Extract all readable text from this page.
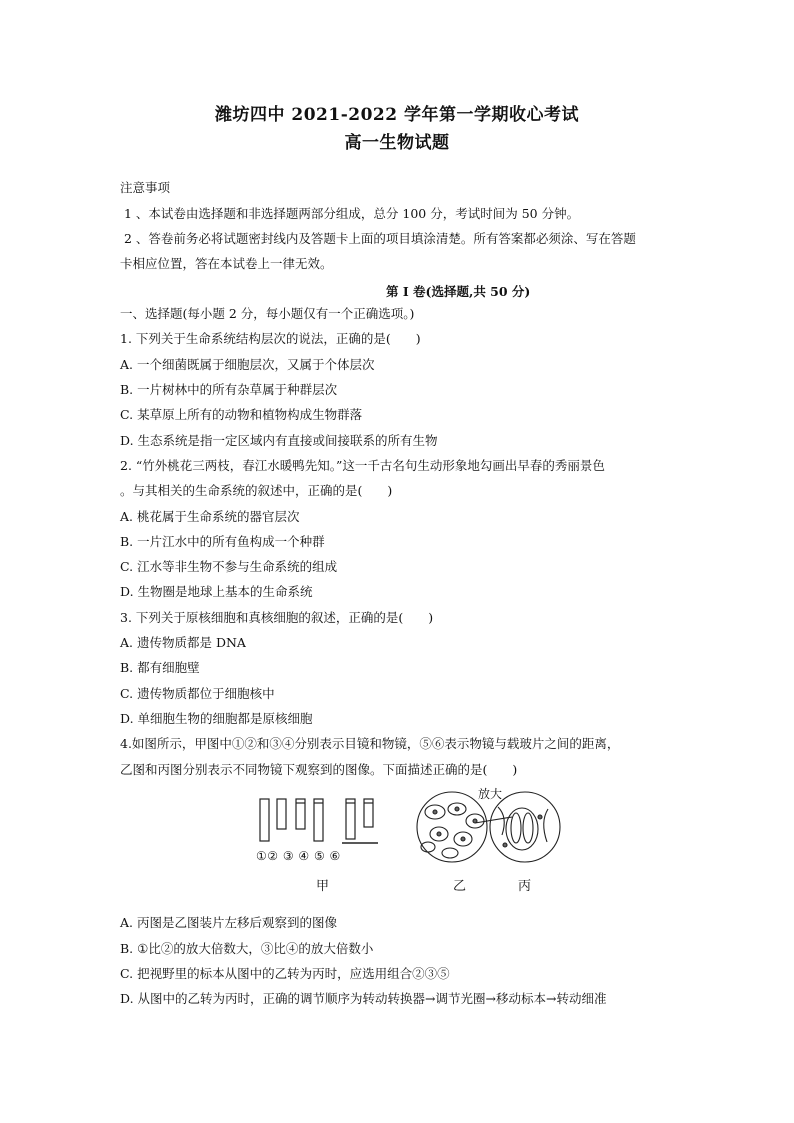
潍坊四中 2021-2022 学年第一学期收心考试
高一生物试题
注意事项
1 、本试卷由选择题和非选择题两部分组成，总分 100 分，考试时间为 50 分钟。
2 、答卷前务必将试题密封线内及答题卡上面的项目填涂清楚。所有答案都必须涂、写在答题
卡相应位置，答在本试卷上一律无效。
第 I 卷(选择题,共 50 分)
一、选择题(每小题 2 分，每小题仅有一个正确选项。)
1. 下列关于生命系统结构层次的说法，正确的是(　　)
A. 一个细菌既属于细胞层次，又属于个体层次
B. 一片树林中的所有杂草属于种群层次
C. 某草原上所有的动物和植物构成生物群落
D. 生态系统是指一定区域内有直接或间接联系的所有生物
2. “竹外桃花三两枝，春江水暖鸭先知。”这一千古名句生动形象地勾画出早春的秀丽景色
。与其相关的生命系统的叙述中，正确的是(　　)
A. 桃花属于生命系统的器官层次
B. 一片江水中的所有鱼构成一个种群
C. 江水等非生物不参与生命系统的组成
D. 生物圈是地球上基本的生命系统
3. 下列关于原核细胞和真核细胞的叙述，正确的是(　　)
A. 遗传物质都是 DNA
B. 都有细胞壁
C. 遗传物质都位于细胞核中
D. 单细胞生物的细胞都是原核细胞
4.如图所示，甲图中①②和③④分别表示目镜和物镜，⑤⑥表示物镜与载玻片之间的距离，
乙图和丙图分别表示不同物镜下观察到的图像。下面描述正确的是(　　)
①② ③ ④ ⑤ ⑥
甲	乙	丙
放大
A. 丙图是乙图装片左移后观察到的图像
B. ①比②的放大倍数大，③比④的放大倍数小
C. 把视野里的标本从图中的乙转为丙时，应选用组合②③⑤
D. 从图中的乙转为丙时，正确的调节顺序为转动转换器→调节光圈→移动标本→转动细准
